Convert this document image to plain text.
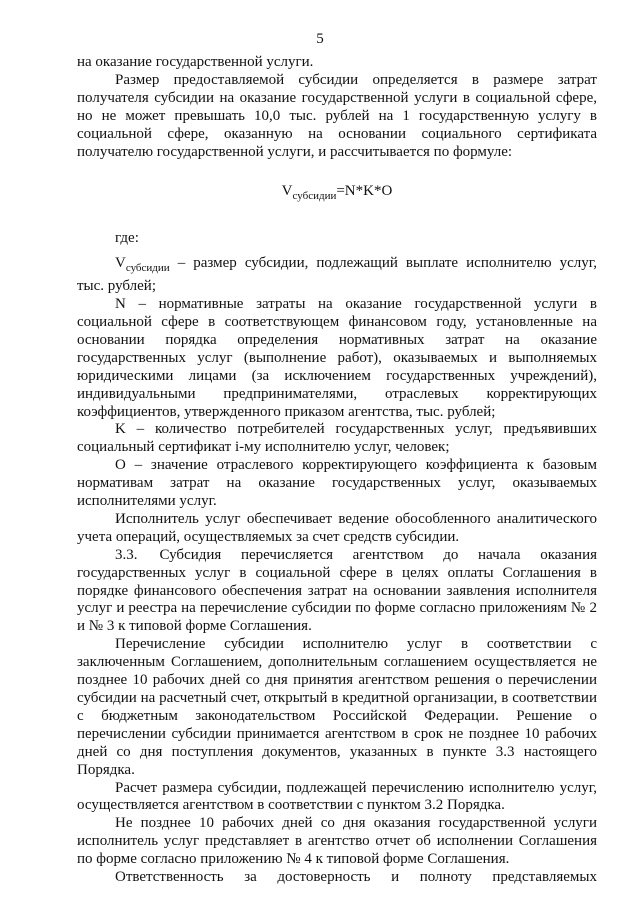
5

на оказание государственной услуги.

Размер предоставляемой субсидии определяется в размере затрат получателя субсидии на оказание государственной услуги в социальной сфере, но не может превышать 10,0 тыс. рублей на 1 государственную услугу в социальной сфере, оказанную на основании социального сертификата получателю государственной услуги, и рассчитывается по формуле:

$V_{субсидии}=N*K*O$

где:

$V_{субсидии}$ – размер субсидии, подлежащий выплате исполнителю услуг, тыс. рублей;

N – нормативные затраты на оказание государственной услуги в социальной сфере в соответствующем финансовом году, установленные на основании порядка определения нормативных затрат на оказание государственных услуг (выполнение работ), оказываемых и выполняемых юридическими лицами (за исключением государственных учреждений), индивидуальными предпринимателями, отраслевых корректирующих коэффициентов, утвержденного приказом агентства, тыс. рублей;

K – количество потребителей государственных услуг, предъявивших социальный сертификат i-му исполнителю услуг, человек;

O – значение отраслевого корректирующего коэффициента к базовым нормативам затрат на оказание государственных услуг, оказываемых исполнителями услуг.

Исполнитель услуг обеспечивает ведение обособленного аналитического учета операций, осуществляемых за счет средств субсидии.

3.3. Субсидия перечисляется агентством до начала оказания государственных услуг в социальной сфере в целях оплаты Соглашения в порядке финансового обеспечения затрат на основании заявления исполнителя услуг и реестра на перечисление субсидии по форме согласно приложениям № 2 и № 3 к типовой форме Соглашения.

Перечисление субсидии исполнителю услуг в соответствии с заключенным Соглашением, дополнительным соглашением осуществляется не позднее 10 рабочих дней со дня принятия агентством решения о перечислении субсидии на расчетный счет, открытый в кредитной организации, в соответствии с бюджетным законодательством Российской Федерации. Решение о перечислении субсидии принимается агентством в срок не позднее 10 рабочих дней со дня поступления документов, указанных в пункте 3.3 настоящего Порядка.

Расчет размера субсидии, подлежащей перечислению исполнителю услуг, осуществляется агентством в соответствии с пунктом 3.2 Порядка.

Не позднее 10 рабочих дней со дня оказания государственной услуги исполнитель услуг представляет в агентство отчет об исполнении Соглашения по форме согласно приложению № 4 к типовой форме Соглашения.

Ответственность за достоверность и полноту представляемых
